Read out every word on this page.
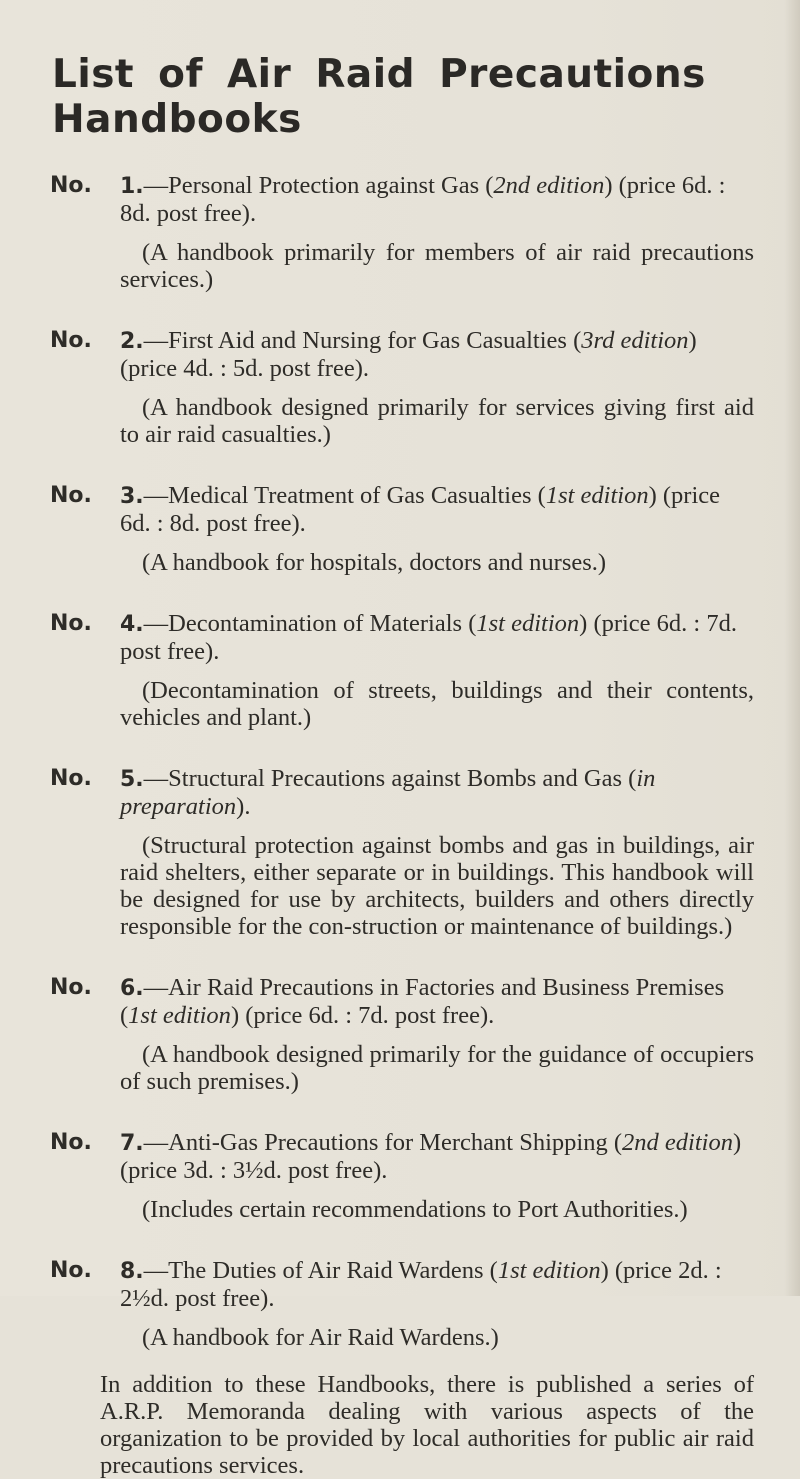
List of Air Raid Precautions Handbooks
No. 1.—Personal Protection against Gas (2nd edition) (price 6d. : 8d. post free).

(A handbook primarily for members of air raid precautions services.)

No. 2.—First Aid and Nursing for Gas Casualties (3rd edition) (price 4d. : 5d. post free).

(A handbook designed primarily for services giving first aid to air raid casualties.)

No. 3.—Medical Treatment of Gas Casualties (1st edition) (price 6d. : 8d. post free).

(A handbook for hospitals, doctors and nurses.)

No. 4.—Decontamination of Materials (1st edition) (price 6d. : 7d. post free).

(Decontamination of streets, buildings and their contents, vehicles and plant.)

No. 5.—Structural Precautions against Bombs and Gas (in preparation).

(Structural protection against bombs and gas in buildings, air raid shelters, either separate or in buildings. This handbook will be designed for use by architects, builders and others directly responsible for the con-struction or maintenance of buildings.)

No. 6.—Air Raid Precautions in Factories and Business Premises (1st edition) (price 6d. : 7d. post free).

(A handbook designed primarily for the guidance of occupiers of such premises.)

No. 7.—Anti-Gas Precautions for Merchant Shipping (2nd edition) (price 3d. : 3½d. post free).

(Includes certain recommendations to Port Authorities.)

No. 8.—The Duties of Air Raid Wardens (1st edition) (price 2d. : 2½d. post free).

(A handbook for Air Raid Wardens.)

In addition to these Handbooks, there is published a series of A.R.P. Memoranda dealing with various aspects of the organization to be provided by local authorities for public air raid precautions services.
